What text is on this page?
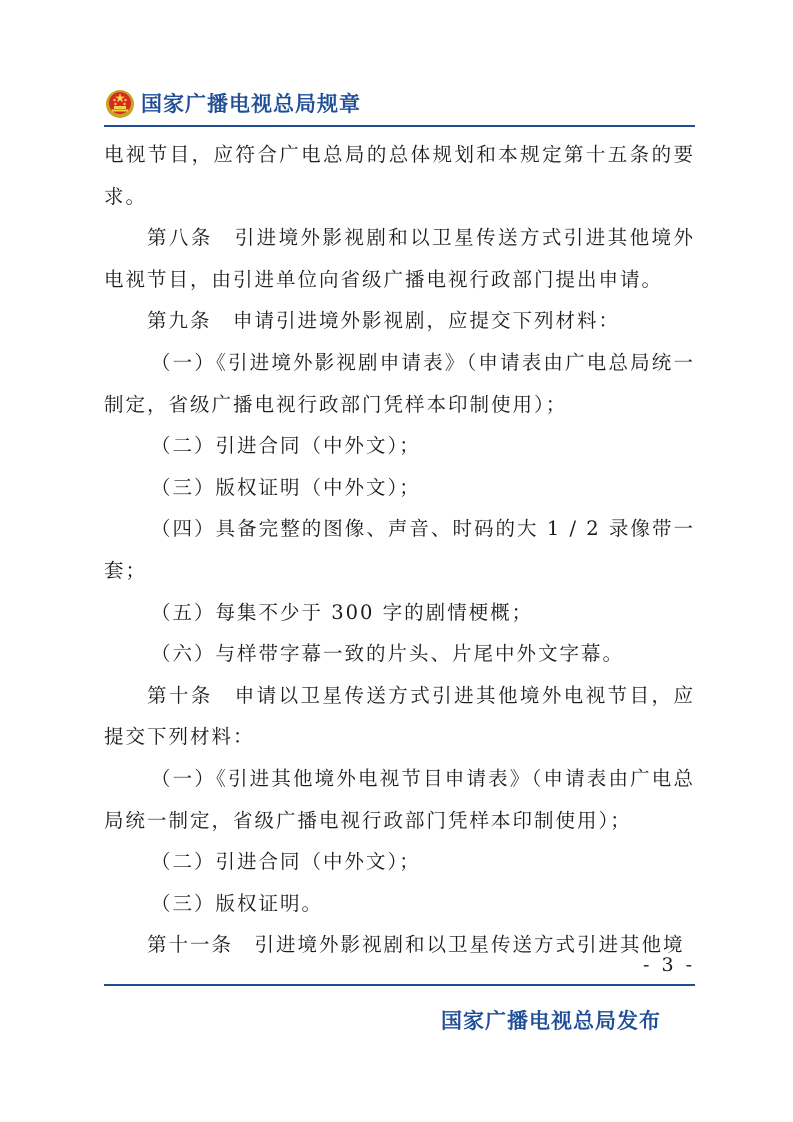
国家广播电视总局规章

电视节目，应符合广电总局的总体规划和本规定第十五条的要求。

第八条　引进境外影视剧和以卫星传送方式引进其他境外电视节目，由引进单位向省级广播电视行政部门提出申请。

第九条　申请引进境外影视剧，应提交下列材料：

（一）《引进境外影视剧申请表》（申请表由广电总局统一制定，省级广播电视行政部门凭样本印制使用）；

（二）引进合同（中外文）；

（三）版权证明（中外文）；

（四）具备完整的图像、声音、时码的大 1 / 2 录像带一套；

（五）每集不少于 300 字的剧情梗概；

（六）与样带字幕一致的片头、片尾中外文字幕。

第十条　申请以卫星传送方式引进其他境外电视节目，应提交下列材料：

（一）《引进其他境外电视节目申请表》（申请表由广电总局统一制定，省级广播电视行政部门凭样本印制使用）；

（二）引进合同（中外文）；

（三）版权证明。

第十一条　引进境外影视剧和以卫星传送方式引进其他境

- 3 -
国家广播电视总局发布
